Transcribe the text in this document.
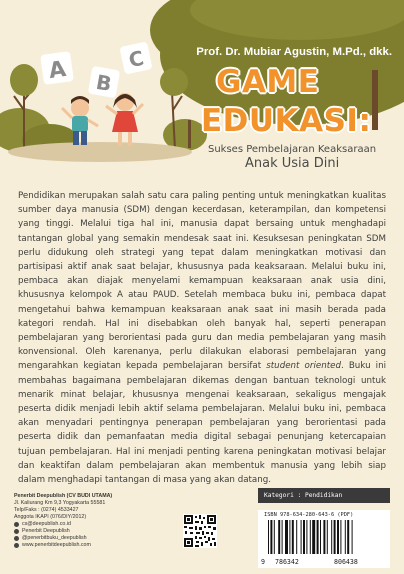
A B
C	Prof. Dr. Mubiar Agustin, M.Pd., dkk.
GAME
EDUKASI:
Sukses Pembelajaran Keaksaraan
Anak Usia Dini

Pendidikan merupakan salah satu cara paling penting untuk meningkatkan kualitas sumber daya manusia (SDM) dengan kecerdasan, keterampilan, dan kompetensi yang tinggi. Melalui tiga hal ini, manusia dapat bersaing untuk menghadapi tantangan global yang semakin mendesak saat ini. Kesuksesan peningkatan SDM perlu didukung oleh strategi yang tepat dalam meningkatkan motivasi dan partisipasi aktif anak saat belajar, khususnya pada keaksaraan. Melalui buku ini, pembaca akan diajak menyelami kemampuan keaksaraan anak usia dini, khususnya kelompok A atau PAUD. Setelah membaca buku ini, pembaca dapat mengetahui bahwa kemampuan keaksaraan anak saat ini masih berada pada kategori rendah. Hal ini disebabkan oleh banyak hal, seperti penerapan pembelajaran yang berorientasi pada guru dan media pembelajaran yang masih konvensional. Oleh karenanya, perlu dilakukan elaborasi pembelajaran yang mengarahkan kegiatan kepada pembelajaran bersifat student oriented. Buku ini membahas bagaimana pembelajaran dikemas dengan bantuan teknologi untuk menarik minat belajar, khususnya mengenai keaksaraan, sekaligus mengajak peserta didik menjadi lebih aktif selama pembelajaran. Melalui buku ini, pembaca akan menyadari pentingnya penerapan pembelajaran yang berorientasi pada peserta didik dan pemanfaatan media digital sebagai penunjang ketercapaian tujuan pembelajaran. Hal ini menjadi penting karena peningkatan motivasi belajar dan keaktifan dalam pembelajaran akan membentuk manusia yang lebih siap dalam menghadapi tantangan di masa yang akan datang.

Penerbit Deepublish (CV BUDI UTAMA)
Jl. Kaliurang Km 9,3 Yogyakarta 55581
Telp/Faks : (0274) 4533427
Anggota IKAPI (076/DIY/2012)
cs@deepublish.co.id
Penerbit Deepublish
@penerbitbuku_deepublish
www.penerbitdeepublish.com
Kategori : Pendidikan
ISBN 978-634-280-643-6 (PDF)
9 786342	806438
